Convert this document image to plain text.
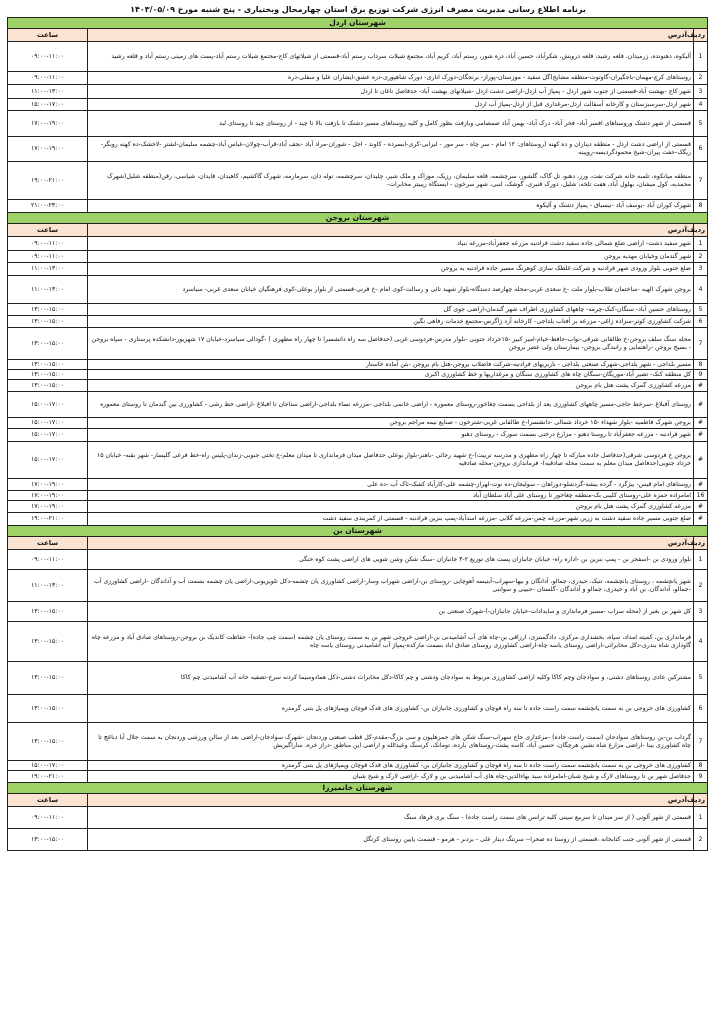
برنامه اطلاع رسانی مدیریت مصرف انرژی شرکت توزیع برق استان چهارمحال وبختیاری - پنج شنبه مورخ ۱۴۰۳/۰۵/۰۹
شهرستان اردل		
ردیف	آدرس	ساعت
1	آلیکوه، دهنونده، زرمیدان، قلعه رشید، قلعه درویش، شکرآباد، حسین آباد، دره شور، رستم آباد، کریم آباد، مجتمع شیلات سرداب رستم آباد-قسمتی از شیلاتهای کاج-مجتمع شیلات رستم آباد-پست های زمینی رستم آباد و قلعه رشید	۰۹:۰۰-۱۱:۰۰
2	روستاهای کرچ-مهمان-باجگیران-گاوتوت-منطقه مشایخ(گل سفید - موزستان-پوراز- برنجگان-دورک اناری- دورک شاهپوری-دره عشق-ایشاران علیا و سفلی-دره	۰۹:۰۰-۱۱:۰۰
3	شهر کاج -بهشت آباد-قسمتی از جنوب شهر اردل - پمپاژ آب اردل-اراضی دشت اردل -شیلاتهای بهشت آباد- حدفاصل ناغان تا اردل	۱۱:۰۰-۱۳:۰۰
4	شهر اردل-سرسبزستان و کارخانه آسفالت اردل-مرغداری قبل از اردل-پمپاژ آب اردل	۱۵:۰۰-۱۷:۰۰
5	قسمتی از شهر دشتک وروستاهای افسر آباد- فخر آباد- درک آباد- بهمن آباد صمصامی وبازفت بطور کامل و کلیه روستاهای مسیر دشتک تا بازفت بالا تا چید - از روستای چید تا روستای لبد	۱۷:۰۰-۱۹:۰۰
6	قسمتی از اراضی دشت اردل - منطقه دیناران و ده کهنه (روستاهای: ۱۲ امام - سر چاه - سر مور - لبرابی-کری-ابسرده - کاوند - اجل - شوران-مراد آباد -نجف آباد-قرآب-چولان-عباس آباد-چشمه سلیمان-لشتر -لاخشک-ده کهنه روبگر-ریگک-حفت پیران-شیخ محمودگردیسه-روپینه	۱۷:۰۰-۱۹:۰۰
7	منطقه میانکوه، تلمبه خانه شرکت نفت، ورز، دهنو، تل گاک، گلشور، سرچشمه، قلعه سلیمان، رزیک، موزاک و ملک شیر، چلیدان، سرچشمه، توله دان، سرمارمه، شهرک گاکشیم، کاهیدان، قایدان، شیاسی، رقن(منطقه شلیل(شهرک محمدیه، کول میشان، بهلول آباد، هفت تلخه، شلیل، دورک قنبری، گوشک، لنبی، شهر سرخون - ایستگاه ریبیتر مخابرات-	۱۹:۰۰-۲۱:۰۰
8	شهرک کوران آباد -یوسف آباد -نیسیاق - پمپاژ دشتک و آلیکوه	۲۱:۰۰-۲۳:۰۰
شهرستان بروجن		
ردیف	آدرس	ساعت
1	شهر سفید دشت- اراضی ضلع شمالی جاده سفید دشت فرادنبه مزرعه جعفرآباد-مزرعه بنیاد	۰۹:۰۰-۱۱:۰۰
2	شهر گندمان وخیابان مهدیه بروجن	۰۹:۰۰-۱۱:۰۰
3	ضلع جنوبی بلوار ورودی شهر فرادنبه و شرکت غلطک سازی کوهرنگ مسیر جاده فرادنبه به بروجن	۱۱:۰۰-۱۳:۰۰
4	بروجن شهرک الهیه -ساختمان طلاب-بلوار ملت -خ سعدی غربی-محله چهارصد دستگاه-بلوار شهید نائی و رسالت-کوی امام -خ قرنی-قسمتی از بلوار بوعلی-کوی فرهنگیان خیابان سعدی غربی- سیاسرد	۱۱:۰۰-۱۳:۰۰
5	روستاهای حسین آباد- سنگان-کنک-چرمه- چاههای کشاورزی اطراف شهر گندمان-اراضی جوی گل	۱۳:۰۰-۱۵:۰۰
6	شرکت کشاورزی کوثر-سزاده زاغی- مزرعه بر آفتاب بلداجی- کارخانه آرد زاگرس-مجتمع خدمات رفاهی نگین	۱۳:۰۰-۱۵:۰۰
7	محله سنگ سلف بروجن-خ طالقانی شرقی-نواب-حافظ-خیام-امیر کبیر -۱۵خرداد جنوبی -بلوار مدرس-فردوسی غربی (حدفاصل سه راه دانشسرا تا چهار راه مطهری ) -گودالی سیاسرد-خیابان ۱۷ شهریور-دانشکده پرستاری - سپاه بروجن - بسیج بروجن -راهنمایی و رانندگی بروجن- بیمارستان ولی عصر بروجن	۱۳:۰۰-۱۵:۰۰
8	مسیر بلداجی - شهر بلداجی-شهرک صنعتی بلداجی - باربریهای فرادنبه-شرکت فاضلاب بروجن-هتل بام بروجن -بتن آماده خاستار	۱۳:۰۰-۱۵:۰۰
9	کل منطقه کنک- تصیر آباد-موریگان-سنگان چاه های کشاورزی سنگان و مرغداریها و خط کشاورزی اکبری	۱۳:۰۰-۱۵:۰۰
#	مزرعه کشاورزی گمرک پشت هتل بام بروجن	۱۳:۰۰-۱۵:۰۰
#	روستای آقبلاغ -سرخط حاجی-مسیر چاههای کشاورزی بعد از بلداجی بسمت چغاخور-روستای معموره - اراضی خانمی بلداجی -مزرعه نساء بلداجی-اراضی ستاجان تا اقبلاغ -اراضی خط رشی - کشاورزی بین گندمان تا روستای معموره	۱۵:۰۰-۱۷:۰۰
#	بروجن شهرک فاطمیه -بلوار شهداء -۱۵ خرداد شمالی -دانشسرا-خ طالقانی غربی-شترخون - صنایع نیمه مراجم بروجن	۱۵:۰۰-۱۷:۰۰
#	شهر فرادنبه - مزرعه جعفرآباد تا روستا دهنو - مزارع درختی بسمت سورک - روستای دهنو	۱۵:۰۰-۱۷:۰۰
#	بروجن خ فردوسی شرقی(حدفاصل جاده مبارکه تا چهار راه مطهری و مدرسه تربیت)-خ شهید رجائی -باهنر-بلوار بوعلی حدفاصل میدان فرمانداری تا میدان معلم-خ تختی جنوبی-زندان-پلیس راه-خط فرعی گلپسار- شهر نقنه- خیابان ۱۵ خرداد جنوبی(حدفاصل میدان معلم به سمت محله صادقیه)- فرمانداری بروجن-محله صادقیه	۱۵:۰۰-۱۷:۰۰
#	روستاهای امام قیس- بیژگرد - گرده بیشه-گردشلو-دوراهان - سولیجان-ده نوت-لهراز-چشمه علی-کارآباد کشک-تاک آب -ده علی	۱۷:۰۰-۱۹:۰۰
16	امامزاده حمزه علی-روستای کلیبی بک-منطقه چغاخور تا روستای علی آباد سلطان آباد	۱۷:۰۰-۱۹:۰۰
#	مزرعه کشاورزی گمرک پشت هتل بام بروجن	۱۷:۰۰-۱۹:۰۰
#	ضلع جنوبی مسیر جاده سفید دشت به زرین شهر-مزرعه چمن-مزرعه گلابی -مزرعه اسدآباد-پمپ بنزین فرادنبه - قسمتی از کمربندی سفید دشت	۱۹:۰۰-۲۱:۰۰
شهرستان بن		
ردیف	آدرس	ساعت
1	بلوار ورودی بن -اسفجر بن - پمپ بنزین بن -اداره راه- خیابان جانبازان پست های توزیع ۲-۳ جانبازان -سنگ شکن وشن شویی های اراضی پشت کوه حنگی	۰۹:۰۰-۱۱:۰۰
2	شهر یانچشمه ، روستای یانچشمه، تنیک، حیدری، جمالو، آدانگان و بیها-سهراب-آبنیسه آهوچایی -روستای بن-اراضی شهراب وسار-اراضی کشاورزی یان چشمه-دکل تلویزیونی-اراضی یان چشمه بسمت آب و آداندگان -اراضی کشاورزی آب -جمالو، آداندگان، بن آباد و حیدری، جمالو و آداندگان -گلستان -حبیبی و سوابنی	۱۱:۰۰-۱۳:۰۰
3	کل شهر بن بغیر از (محله سراب -مسیر فرمانداری و سایدادات-خیابان جانبازان-)-شهرک صنعتی بن	۱۳:۰۰-۱۵:۰۰
4	فرمانداری بن، کمیته امداد، سپاه، بخشداری مرکزی، دادگستری، ارزاقی بن-چاه های آب آشامیدنی بن-اراضی خروجی شهر بن به سمت روستای یان چشمه (سمت چپ جاده)- حفاظت کاندیک بن بروجن-روستاهای صادق آباد و مزرعه چاه گاوداری شاه بندری-دکل مخابراتی-اراضی روستای یاسه چاه-اراضی کشاورزی روستای صادق اباد بسمت مارکده-پمپاژ آب آشامیدنی روستای یاسه چاه	۱۳:۰۰-۱۵:۰۰
5	مشترکین عادی روستاهای دشتی، و سوادجان وچم کاکا وکلیه اراضی کشاورزی مربوط به سوادجان ودشتی و چم کاکا-دکل مخابرات دشتی-دکل همادوسیما کردنه سرخ-تصفیه خانه آب آشامیدنی چم کاکا	۱۳:۰۰-۱۵:۰۰
6	کشاورزی های خروجی بن به سمت یانچشمه سمت راست جاده تا سه راه قوچان و کشاورزی جانبازان بن- کشاورزی های قدک قوچان وپمپاژهای پل بتنی گرمدره	۱۳:۰۰-۱۵:۰۰
7	گرداب بن-بن روستاهای سوادجان (سمت راست جاده) -مرغداری حاج سهراب-سنگ شکن های حمزهلیون و سی بزرگ-مقدم-کل قطب صنعتی وردنجان -شهرک سوادجان-اراضی بعد از سالن ورزشی وردنجان به سمت جلال آبا دناغچ تا چاه کشاورزی بینا -اراضی مزارع شاه نشین هرچگان، حسین آباد، کاسه پشت-روستاهای بارده، تومانک، کرسنگ وعیدالله و اراضی این مناطق -دراز خره، ساراگیریش	۱۳:۰۰-۱۵:۰۰
8	کشاورزی های خروجی بن به سمت یانچشمه سمت راست جاده تا سه راه قوچان و کشاورزی جانبازان بن- کشاورزی های قدک قوچان وپمپاژهای پل بتنی گرمدره	۱۵:۰۰-۱۷:۰۰
9	حدفاصل شهر بن تا روستاهای لارک و شیخ شبان-امامزاده سید بهاءالدین-چاه های آب آشامیدنی بن و لارک -اراضی لارک و شیخ شبان	۱۹:۰۰-۲۱:۰۰
شهرستان خانمیرزا		
ردیف	آدرس	ساعت
1	قسمتی از شهر آلونی ( از سر میدان تا سربیع سینی کلیه ترانس های سمت راست جاده) - سنگ بری فرهاد سنگ	۰۹:۰۰-۱۱:۰۰
2	قسمتی از شهر آلونی جنب کتابخانه ،قسمتی از روستا ده صحرا-- سرتنگ دینار علی - بردبر - هرمو - قسمت پایین روستای کرتگل	۱۳:۰۰-۱۵:۰۰
